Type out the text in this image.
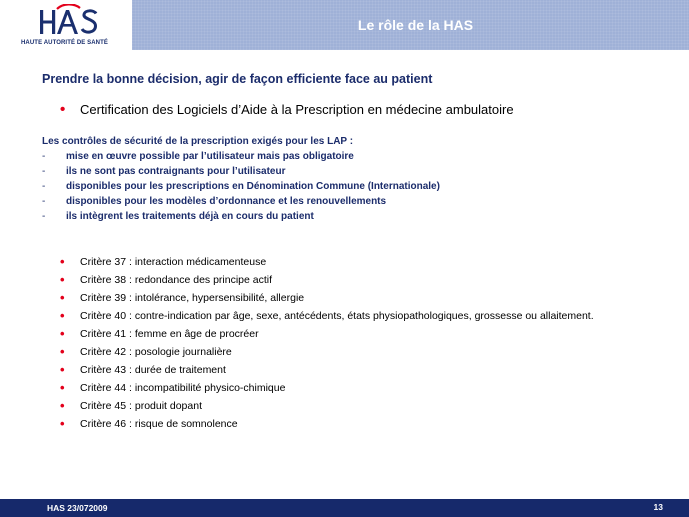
HAUTE AUTORITÉ DE SANTÉ
Le rôle de la HAS
Prendre la bonne décision, agir de façon efficiente face au patient
• Certification des Logiciels d’Aide à la Prescription en médecine ambulatoire
Les contrôles de sécurité de la prescription exigés pour les LAP :
- mise en œuvre possible par l’utilisateur mais pas obligatoire
- ils ne sont pas contraignants pour l’utilisateur
- disponibles pour les prescriptions en Dénomination Commune (Internationale)
- disponibles pour les modèles d’ordonnance et les renouvellements
- ils intègrent les traitements déjà en cours du patient
• Critère 37 : interaction médicamenteuse
• Critère 38 : redondance des principe actif
• Critère 39 : intolérance, hypersensibilité, allergie
• Critère 40 : contre-indication par âge, sexe, antécédents, états physiopathologiques, grossesse ou allaitement.
• Critère 41 : femme en âge de procréer
• Critère 42 : posologie journalière
• Critère 43 : durée de traitement
• Critère 44 : incompatibilité physico-chimique
• Critère 45 : produit dopant
• Critère 46 : risque de somnolence
HAS 23/072009	13
